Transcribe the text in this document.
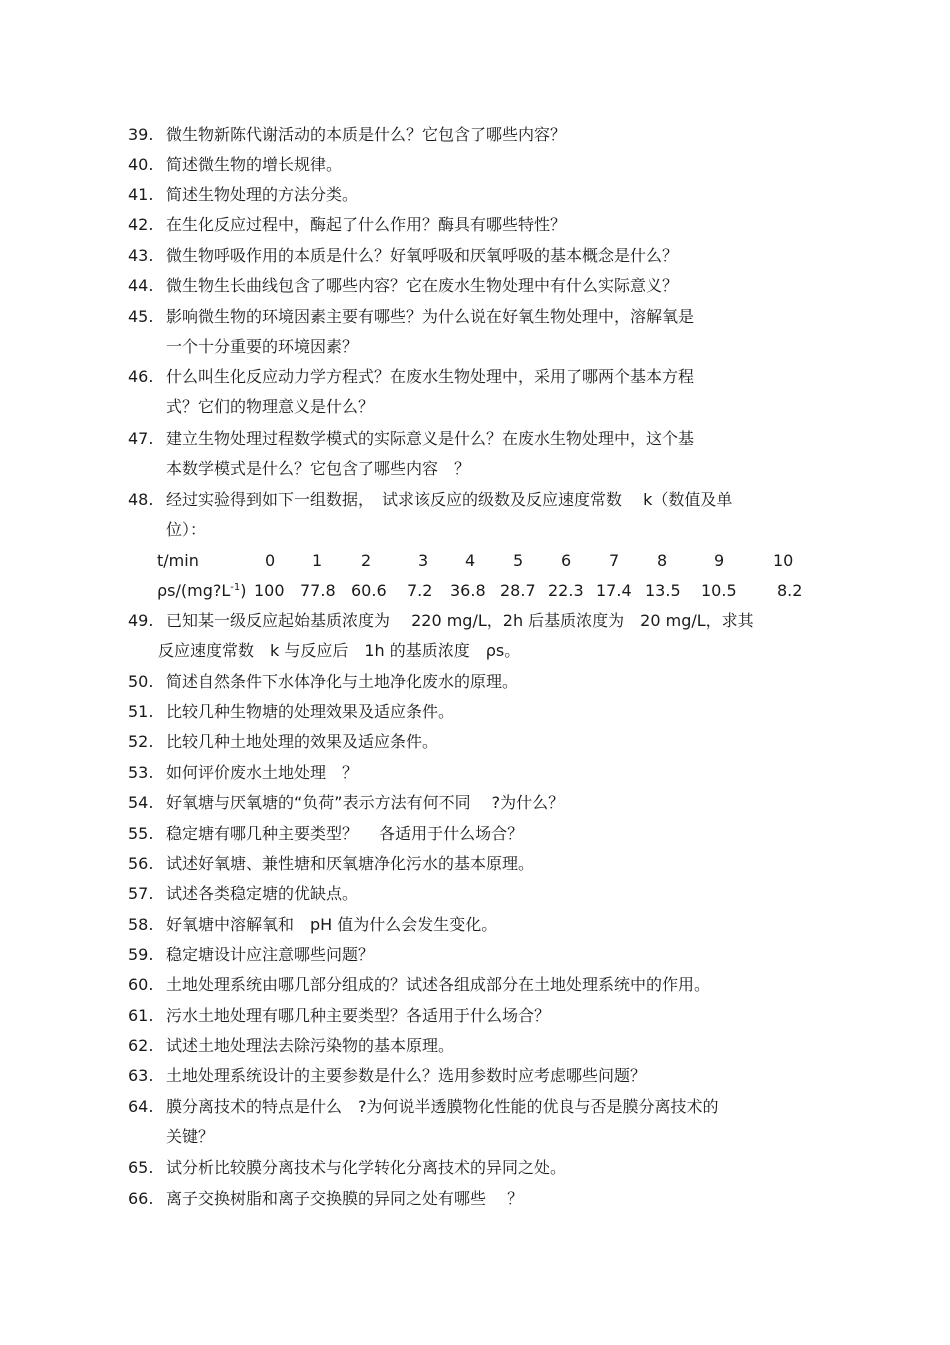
39. 微生物新陈代谢活动的本质是什么？它包含了哪些内容？
40. 简述微生物的增长规律。
41. 简述生物处理的方法分类。
42. 在生化反应过程中，酶起了什么作用？酶具有哪些特性？
43. 微生物呼吸作用的本质是什么？好氧呼吸和厌氧呼吸的基本概念是什么？
44. 微生物生长曲线包含了哪些内容？它在废水生物处理中有什么实际意义？
45. 影响微生物的环境因素主要有哪些？为什么说在好氧生物处理中，溶解氧是
一个十分重要的环境因素？
46. 什么叫生化反应动力学方程式？在废水生物处理中，采用了哪两个基本方程
式？它们的物理意义是什么？
47. 建立生物处理过程数学模式的实际意义是什么？在废水生物处理中，这个基
本数学模式是什么？它包含了哪些内容　？
48. 经过实验得到如下一组数据，　试求该反应的级数及反应速度常数　 k（数值及单
位）：
t/min	0 1 2	3 4 5 6 7 8	9	10
$\rho s/(mg?L^{-1})$ 100 77.8 60.6 7.2 36.8 28.7 22.3 17.4 13.5 10.5	8.2
49. 已知某一级反应起始基质浓度为　 220 mg/L，2h 后基质浓度为　20 mg/L，求其
反应速度常数　k 与反应后　1h 的基质浓度　ρs。
50. 简述自然条件下水体净化与土地净化废水的原理。
51. 比较几种生物塘的处理效果及适应条件。
52. 比较几种土地处理的效果及适应条件。
53. 如何评价废水土地处理　？
54. 好氧塘与厌氧塘的“负荷”表示方法有何不同　 ?为什么？
55. 稳定塘有哪几种主要类型？　 各适用于什么场合？
56. 试述好氧塘、兼性塘和厌氧塘净化污水的基本原理。
57. 试述各类稳定塘的优缺点。
58. 好氧塘中溶解氧和　pH 值为什么会发生变化。
59. 稳定塘设计应注意哪些问题？
60. 土地处理系统由哪几部分组成的？试述各组成部分在土地处理系统中的作用。
61. 污水土地处理有哪几种主要类型？各适用于什么场合？
62. 试述土地处理法去除污染物的基本原理。
63. 土地处理系统设计的主要参数是什么？选用参数时应考虑哪些问题？
64. 膜分离技术的特点是什么　?为何说半透膜物化性能的优良与否是膜分离技术的
关键？
65. 试分析比较膜分离技术与化学转化分离技术的异同之处。
66. 离子交换树脂和离子交换膜的异同之处有哪些　 ？
